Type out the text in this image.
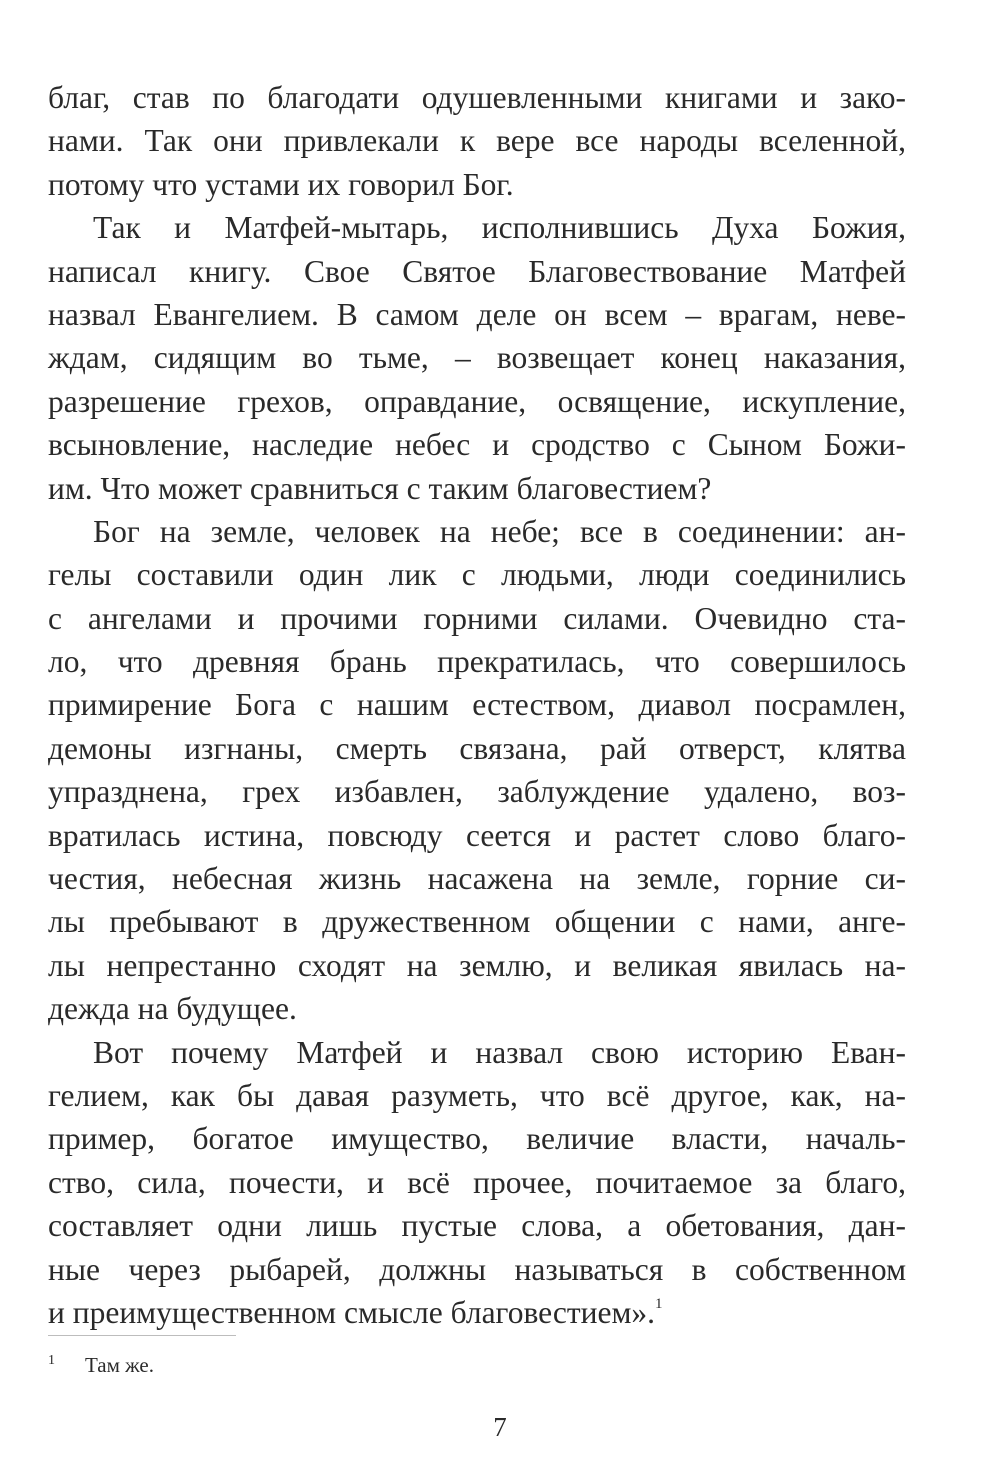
благ, став по благодати одушевленными книгами и зако-
нами. Так они привлекали к вере все народы вселенной,
потому что устами их говорил Бог.
Так и Матфей-мытарь, исполнившись Духа Божия,
написал книгу. Свое Святое Благовествование Матфей
назвал Евангелием. В самом деле он всем – врагам, неве-
ждам, сидящим во тьме, – возвещает конец наказания,
разрешение грехов, оправдание, освящение, искупление,
всыновление, наследие небес и сродство с Сыном Божи-
им. Что может сравниться с таким благовестием?
Бог на земле, человек на небе; все в соединении: ан-
гелы составили один лик с людьми, люди соединились
с ангелами и прочими горними силами. Очевидно ста-
ло, что древняя брань прекратилась, что совершилось
примирение Бога с нашим естеством, диавол посрамлен,
демоны изгнаны, смерть связана, рай отверст, клятва
упразднена, грех избавлен, заблуждение удалено, воз-
вратилась истина, повсюду сеется и растет слово благо-
честия, небесная жизнь насажена на земле, горние си-
лы пребывают в дружественном общении с нами, анге-
лы непрестанно сходят на землю, и великая явилась на-
дежда на будущее.
Вот почему Матфей и назвал свою историю Еван-
гелием, как бы давая разуметь, что всё другое, как, на-
пример, богатое имущество, величие власти, началь-
ство, сила, почести, и всё прочее, почитаемое за благо,
составляет одни лишь пустые слова, а обетования, дан-
ные через рыбарей, должны называться в собственном
и преимущественном смысле благовестием».$^1$
1 Там же.
7
